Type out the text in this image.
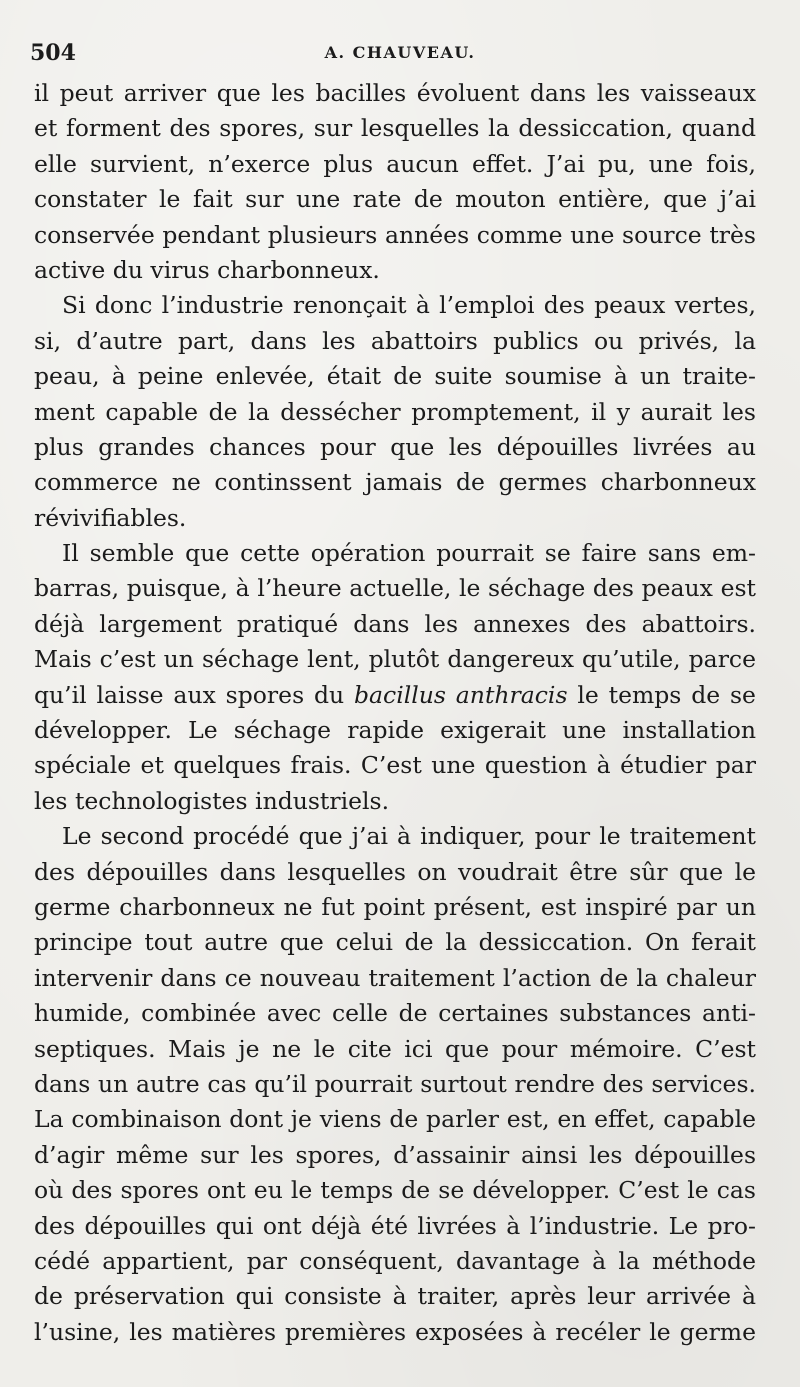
504	A. CHAUVEAU.
il peut arriver que les bacilles évoluent dans les vaisseaux
et forment des spores, sur lesquelles la dessiccation, quand
elle survient, n’exerce plus aucun effet. J’ai pu, une fois,
constater le fait sur une rate de mouton entière, que j’ai
conservée pendant plusieurs années comme une source très
active du virus charbonneux.
Si donc l’industrie renonçait à l’emploi des peaux vertes,
si, d’autre part, dans les abattoirs publics ou privés, la
peau, à peine enlevée, était de suite soumise à un traite-
ment capable de la dessécher promptement, il y aurait les
plus grandes chances pour que les dépouilles livrées au
commerce ne continssent jamais de germes charbonneux
révivifiables.
Il semble que cette opération pourrait se faire sans em-
barras, puisque, à l’heure actuelle, le séchage des peaux est
déjà largement pratiqué dans les annexes des abattoirs.
Mais c’est un séchage lent, plutôt dangereux qu’utile, parce
qu’il laisse aux spores du bacillus anthracis le temps de se
développer. Le séchage rapide exigerait une installation
spéciale et quelques frais. C’est une question à étudier par
les technologistes industriels.
Le second procédé que j’ai à indiquer, pour le traitement
des dépouilles dans lesquelles on voudrait être sûr que le
germe charbonneux ne fut point présent, est inspiré par un
principe tout autre que celui de la dessiccation. On ferait
intervenir dans ce nouveau traitement l’action de la chaleur
humide, combinée avec celle de certaines substances anti-
septiques. Mais je ne le cite ici que pour mémoire. C’est
dans un autre cas qu’il pourrait surtout rendre des services.
La combinaison dont je viens de parler est, en effet, capable
d’agir même sur les spores, d’assainir ainsi les dépouilles
où des spores ont eu le temps de se développer. C’est le cas
des dépouilles qui ont déjà été livrées à l’industrie. Le pro-
cédé appartient, par conséquent, davantage à la méthode
de préservation qui consiste à traiter, après leur arrivée à
l’usine, les matières premières exposées à recéler le germe
